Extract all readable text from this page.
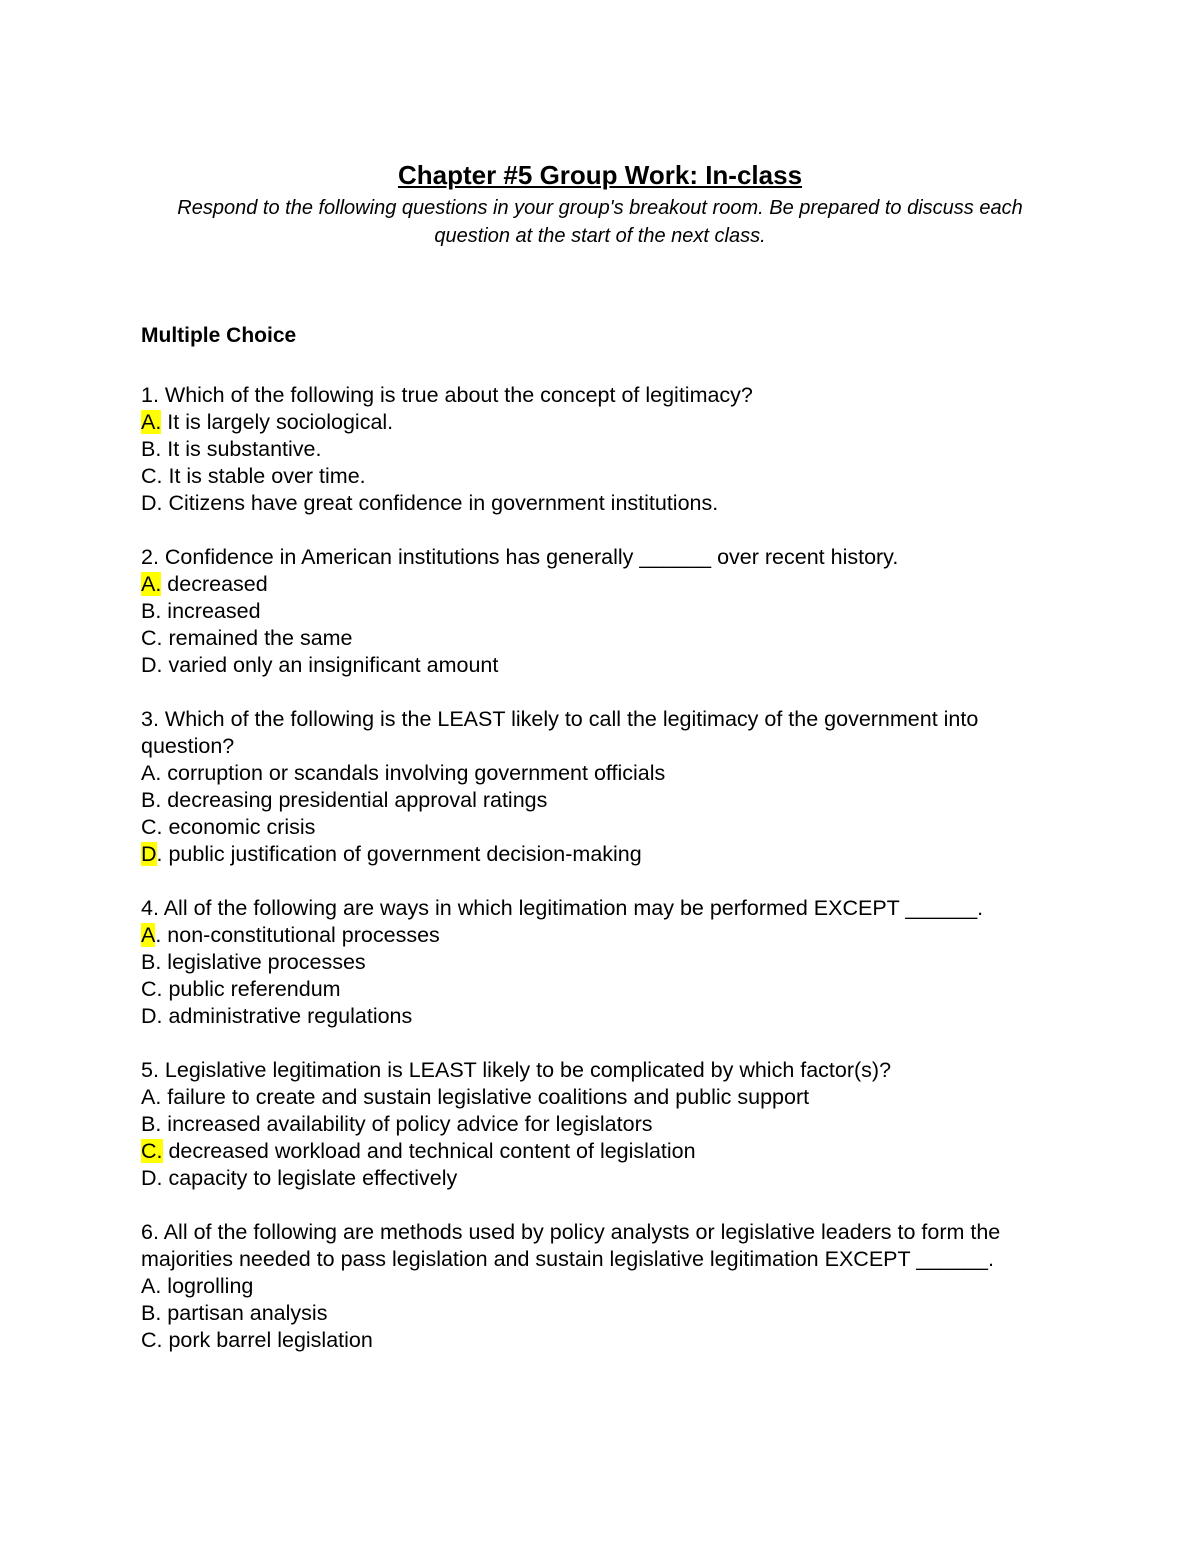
Chapter #5 Group Work: In-class
Respond to the following questions in your group's breakout room. Be prepared to discuss each question at the start of the next class.
Multiple Choice
1. Which of the following is true about the concept of legitimacy?
A. It is largely sociological.
B. It is substantive.
C. It is stable over time.
D. Citizens have great confidence in government institutions.
2. Confidence in American institutions has generally ______ over recent history.
A. decreased
B. increased
C. remained the same
D. varied only an insignificant amount
3. Which of the following is the LEAST likely to call the legitimacy of the government into question?
A. corruption or scandals involving government officials
B. decreasing presidential approval ratings
C. economic crisis
D. public justification of government decision-making
4. All of the following are ways in which legitimation may be performed EXCEPT ______.
A. non-constitutional processes
B. legislative processes
C. public referendum
D. administrative regulations
5. Legislative legitimation is LEAST likely to be complicated by which factor(s)?
A. failure to create and sustain legislative coalitions and public support
B. increased availability of policy advice for legislators
C. decreased workload and technical content of legislation
D. capacity to legislate effectively
6. All of the following are methods used by policy analysts or legislative leaders to form the majorities needed to pass legislation and sustain legislative legitimation EXCEPT ______.
A. logrolling
B. partisan analysis
C. pork barrel legislation
